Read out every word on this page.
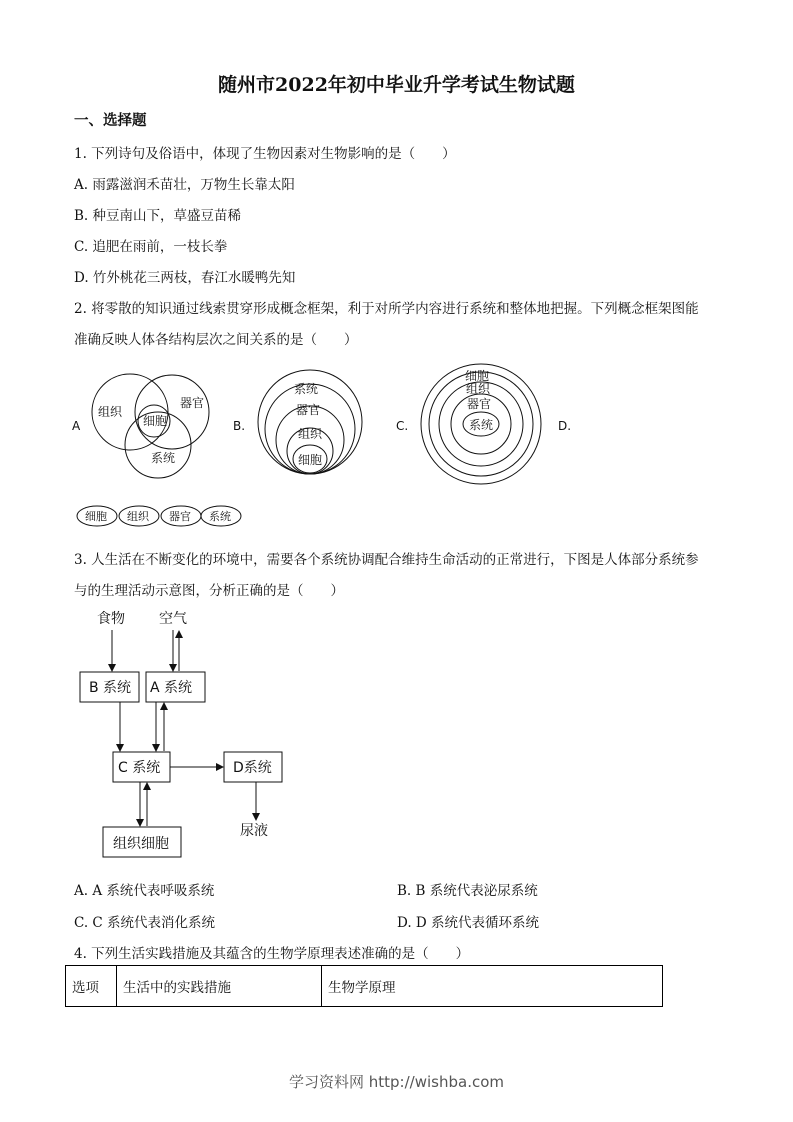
随州市2022年初中毕业升学考试生物试题
一、选择题
1. 下列诗句及俗语中，体现了生物因素对生物影响的是（　　）
A. 雨露滋润禾苗壮，万物生长靠太阳
B. 种豆南山下，草盛豆苗稀
C. 追肥在雨前，一枝长拳
D. 竹外桃花三两枝，春江水暖鸭先知
2. 将零散的知识通过线索贯穿形成概念框架，利于对所学内容进行系统和整体地把握。下列概念框架图能
准确反映人体各结构层次之间关系的是（　　）
A
组织
器官
细胞
系统
B.
系统
器官
组织
细胞
C.
细胞
组织
器官
系统	D.
细胞 组织 器官 系统
3. 人生活在不断变化的环境中，需要各个系统协调配合维持生命活动的正常进行，下图是人体部分系统参
与的生理活动示意图，分析正确的是（　　）
食物 空气
B 系统 A 系统
C 系统	D系统
组织细胞
尿液
A. A 系统代表呼吸系统	B. B 系统代表泌尿系统
C. C 系统代表消化系统	D. D 系统代表循环系统
4. 下列生活实践措施及其蕴含的生物学原理表述准确的是（　　）
选项	生活中的实践措施	生物学原理
学习资料网 http://wishba.com
